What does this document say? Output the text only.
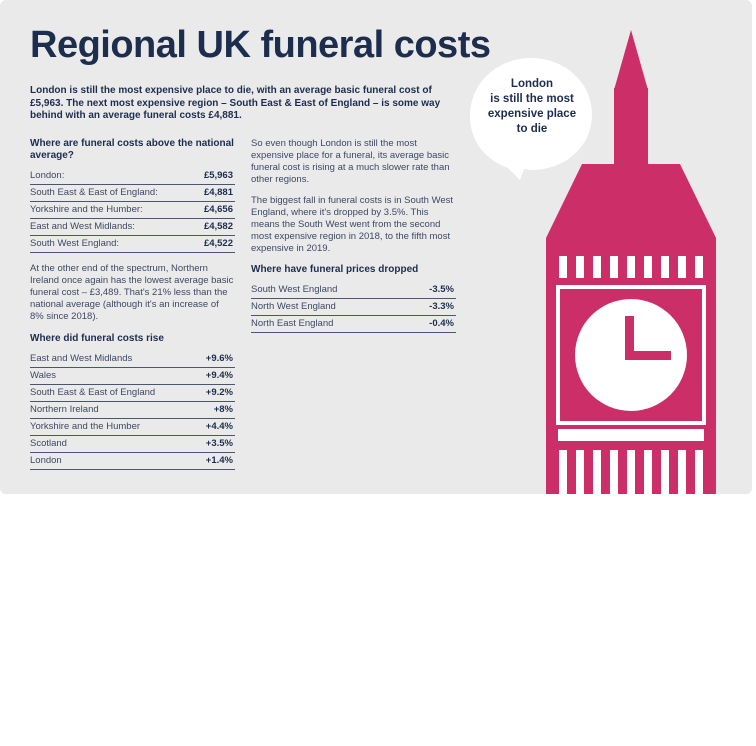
Regional UK funeral costs
London is still the most expensive place to die, with an average basic funeral cost of £5,963. The next most expensive region – South East & East of England – is some way behind with an average funeral costs £4,881.
Where are funeral costs above the national average?
London:	£5,963
South East & East of England:	£4,881
Yorkshire and the Humber:	£4,656
East and West Midlands:	£4,582
South West England:	£4,522
At the other end of the spectrum, Northern Ireland once again has the lowest average basic funeral cost – £3,489. That's 21% less than the national average (although it's an increase of 8% since 2018).
Where did funeral costs rise
East and West Midlands	+9.6%
Wales	+9.4%
South East & East of England	+9.2%
Northern Ireland	+8%
Yorkshire and the Humber	+4.4%
Scotland	+3.5%
London	+1.4%
So even though London is still the most expensive place for a funeral, its average basic funeral cost is rising at a much slower rate than other regions.
The biggest fall in funeral costs is in South West England, where it's dropped by 3.5%. This means the South West went from the second most expensive region in 2018, to the fifth most expensive in 2019.
Where have funeral prices dropped
South West England	-3.5%
North West England	-3.3%
North East England	-0.4%
London
is still the most
expensive place
to die
